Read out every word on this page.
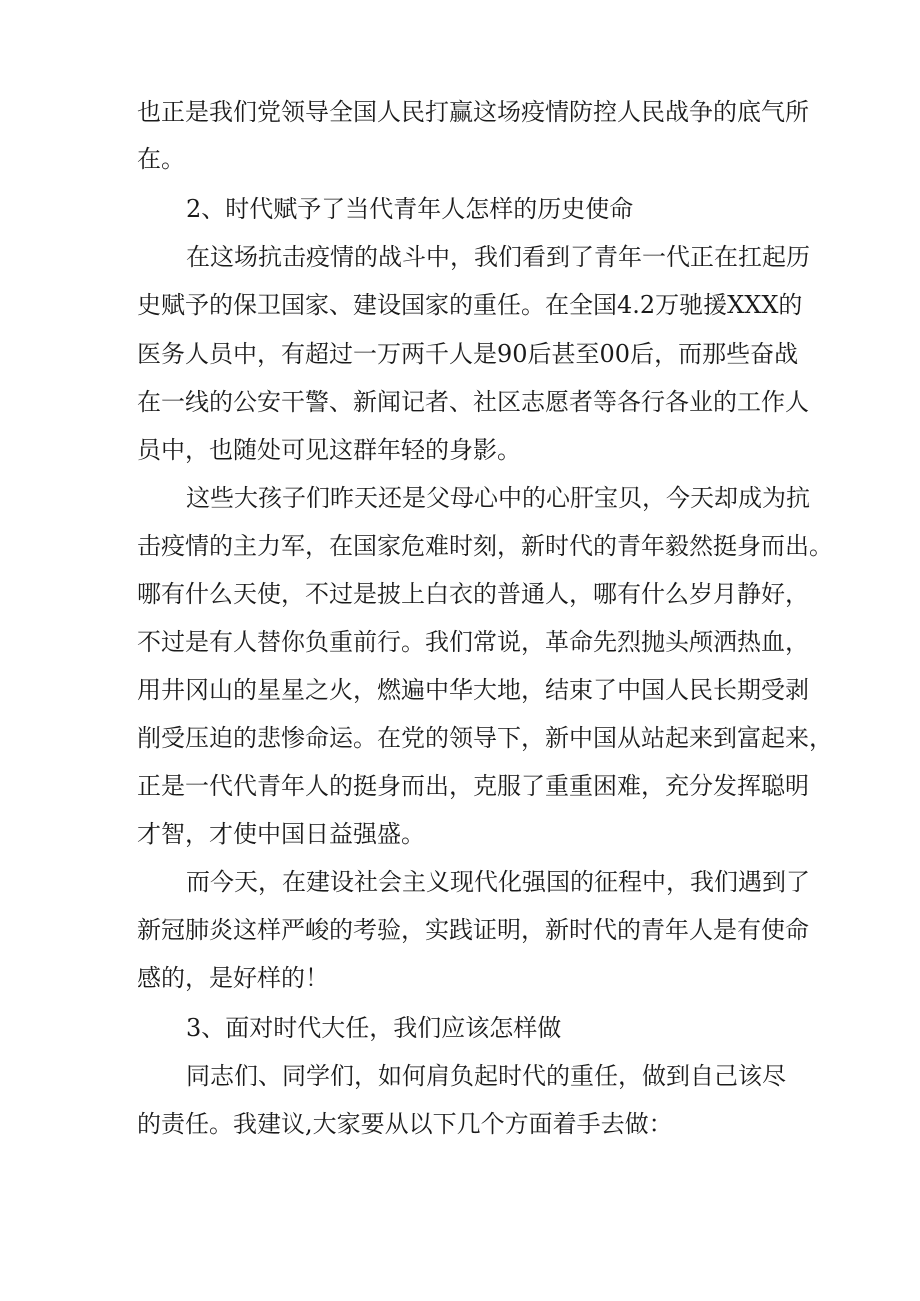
也正是我们党领导全国人民打赢这场疫情防控人民战争的底气所
在。
2、时代赋予了当代青年人怎样的历史使命
在这场抗击疫情的战斗中，我们看到了青年一代正在扛起历
史赋予的保卫国家、建设国家的重任。在全国4.2万驰援XXX的
医务人员中，有超过一万两千人是90后甚至00后，而那些奋战
在一线的公安干警、新闻记者、社区志愿者等各行各业的工作人
员中，也随处可见这群年轻的身影。
这些大孩子们昨天还是父母心中的心肝宝贝，今天却成为抗
击疫情的主力军，在国家危难时刻，新时代的青年毅然挺身而出。
哪有什么天使，不过是披上白衣的普通人，哪有什么岁月静好，
不过是有人替你负重前行。我们常说，革命先烈抛头颅洒热血，
用井冈山的星星之火，燃遍中华大地，结束了中国人民长期受剥
削受压迫的悲惨命运。在党的领导下，新中国从站起来到富起来，
正是一代代青年人的挺身而出，克服了重重困难，充分发挥聪明
才智，才使中国日益强盛。
而今天，在建设社会主义现代化强国的征程中，我们遇到了
新冠肺炎这样严峻的考验，实践证明，新时代的青年人是有使命
感的，是好样的！
3、面对时代大任，我们应该怎样做
同志们、同学们，如何肩负起时代的重任，做到自己该尽
的责任。我建议,大家要从以下几个方面着手去做：
